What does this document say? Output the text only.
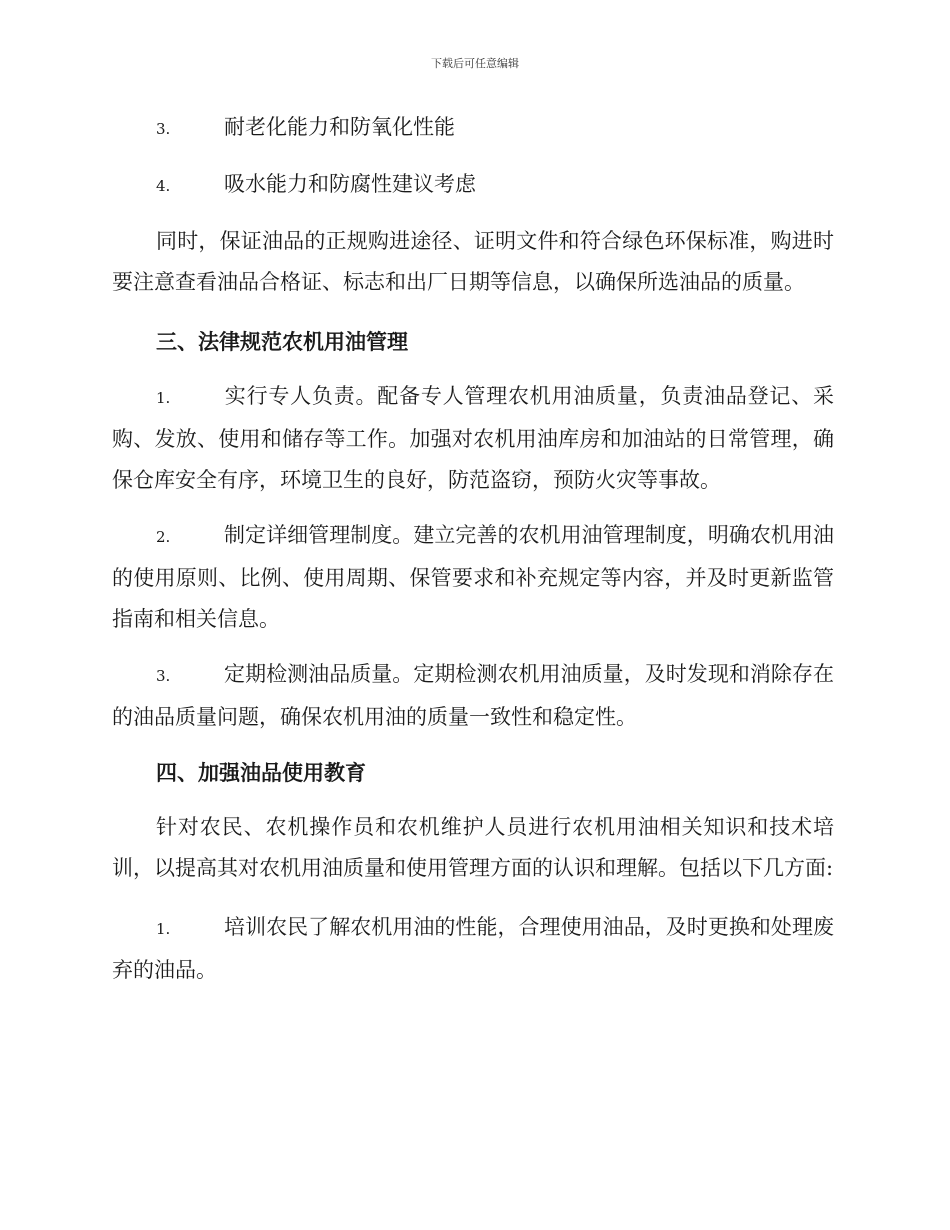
下载后可任意编辑

3.	耐老化能力和防氧化性能

4.	吸水能力和防腐性建议考虑

同时，保证油品的正规购进途径、证明文件和符合绿色环保标准，购进时要注意查看油品合格证、标志和出厂日期等信息，以确保所选油品的质量。

三、法律规范农机用油管理

1.	实行专人负责。配备专人管理农机用油质量，负责油品登记、采购、发放、使用和储存等工作。加强对农机用油库房和加油站的日常管理，确保仓库安全有序，环境卫生的良好，防范盗窃，预防火灾等事故。

2.	制定详细管理制度。建立完善的农机用油管理制度，明确农机用油的使用原则、比例、使用周期、保管要求和补充规定等内容，并及时更新监管指南和相关信息。

3.	定期检测油品质量。定期检测农机用油质量，及时发现和消除存在的油品质量问题，确保农机用油的质量一致性和稳定性。

四、加强油品使用教育

针对农民、农机操作员和农机维护人员进行农机用油相关知识和技术培训，以提高其对农机用油质量和使用管理方面的认识和理解。包括以下几方面:

1.	培训农民了解农机用油的性能，合理使用油品，及时更换和处理废弃的油品。
